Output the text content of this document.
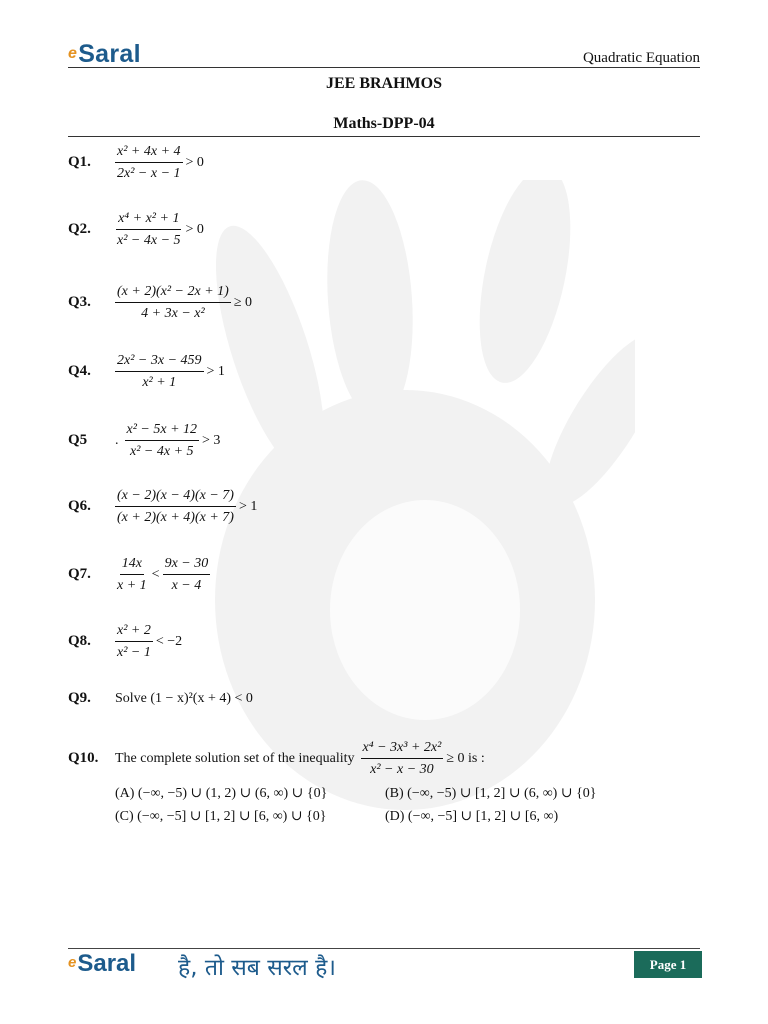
eSaral	Quadratic Equation
JEE BRAHMOS
Maths-DPP-04
Q1.	$\frac{\text{x² + 4x + 4}}{\text{2x² − x − 1}} > 0$
Q2.	$\frac{\text{x⁴ + x² + 1}}{\text{x² − 4x − 5}} > 0$
Q3.	$\frac{\text{(x + 2)(x² − 2x + 1)}}{\text{4 + 3x − x²}} \ge 0$
Q4.	$\frac{\text{2x² − 3x − 459}}{\text{x² + 1}} > 1$
Q5	. $\frac{\text{x² − 5x + 12}}{\text{x² − 4x + 5}} > 3$
Q6.	$\frac{(x - 2)(x - 4)(x - 7)}{(x + 2)(x + 4)(x + 7)} > 1$
Q7.	$\frac{14x}{x + 1} < \frac{9x - 30}{x - 4}$
Q8.	$\frac{\text{x² + 2}}{\text{x² − 1}} < -2$
Q9.	Solve (1 − x)²(x + 4) < 0
Q10.	The complete solution set of the inequality $\frac{\text{x⁴ − 3x³ + 2x²}}{\text{x² − x − 30}} \ge 0$ is :
(A) (−∞, −5) ∪ (1, 2) ∪ (6, ∞) ∪ {0}	(B) (−∞, −5) ∪ [1, 2] ∪ (6, ∞) ∪ {0}
(C) (−∞, −5] ∪ [1, 2] ∪ [6, ∞) ∪ {0}	(D) (−∞, −5] ∪ [1, 2] ∪ [6, ∞)
eSaral है, तो सब सरल है।	Page 1
